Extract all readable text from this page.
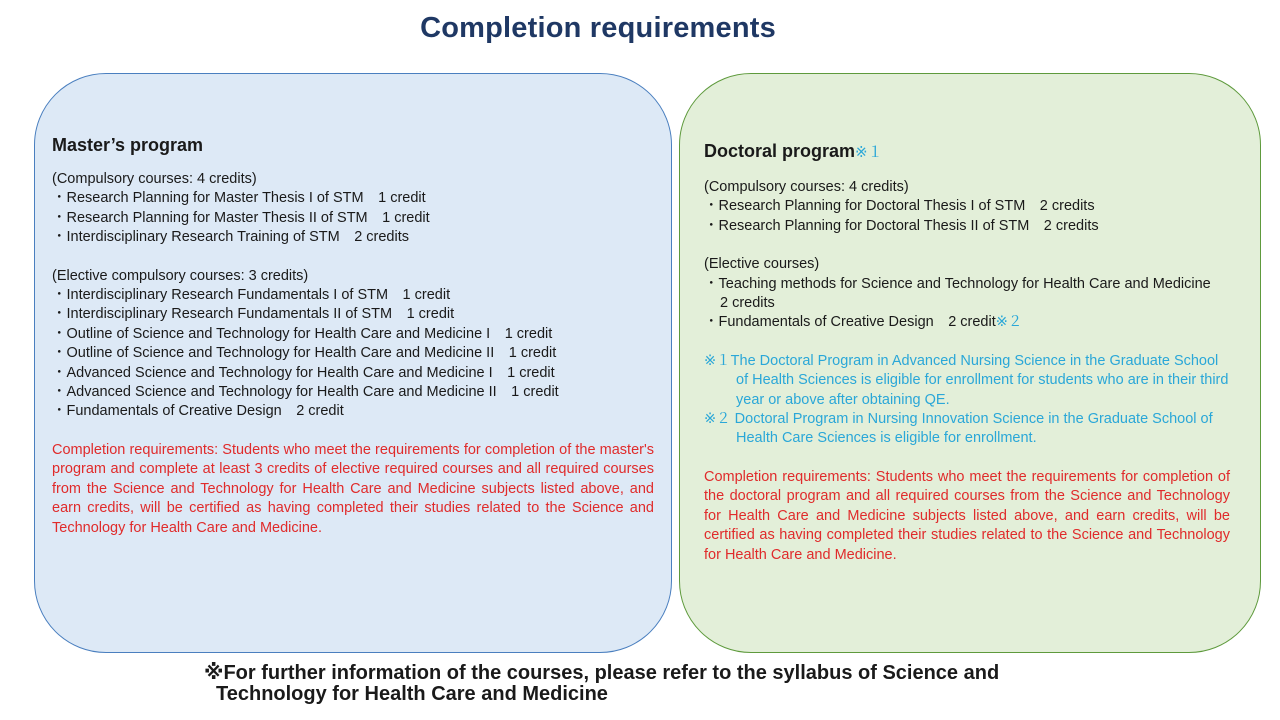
Completion requirements
Master’s program

(Compulsory courses: 4 credits)

・Research Planning for Master Thesis I of STM　1 credit

・Research Planning for Master Thesis II of STM　1 credit

・Interdisciplinary Research Training of STM　2 credits

(Elective compulsory courses: 3 credits)

・Interdisciplinary Research Fundamentals I of STM　1 credit

・Interdisciplinary Research Fundamentals II of STM　1 credit

・Outline of Science and Technology for Health Care and Medicine I　1 credit

・Outline of Science and Technology for Health Care and Medicine II　1 credit

・Advanced Science and Technology for Health Care and Medicine I　1 credit

・Advanced Science and Technology for Health Care and Medicine II　1 credit

・Fundamentals of Creative Design　2 credit

Completion requirements: Students who meet the requirements for completion of the master's program and complete at least 3 credits of elective required courses and all required courses from the Science and Technology for Health Care and Medicine subjects listed above, and earn credits, will be certified as having completed their studies related to the Science and Technology for Health Care and Medicine.

Doctoral program※１

(Compulsory courses: 4 credits)

・Research Planning for Doctoral Thesis I of STM　2 credits

・Research Planning for Doctoral Thesis II of STM　2 credits

(Elective courses)

・Teaching methods for Science and Technology for Health Care and Medicine　2 credits

・Fundamentals of Creative Design　2 credit※２

※１The Doctoral Program in Advanced Nursing Science in the Graduate School of Health Sciences is eligible for enrollment for students who are in their third year or above after obtaining QE.

※２ Doctoral Program in Nursing Innovation Science in the Graduate School of Health Care Sciences is eligible for enrollment.

Completion requirements: Students who meet the requirements for completion of the doctoral program and all required courses from the Science and Technology for Health Care and Medicine subjects listed above, and earn credits, will be certified as having completed their studies related to the Science and Technology for Health Care and Medicine.

※For further information of the courses, please refer to the syllabus of Science and
Technology for Health Care and Medicine
